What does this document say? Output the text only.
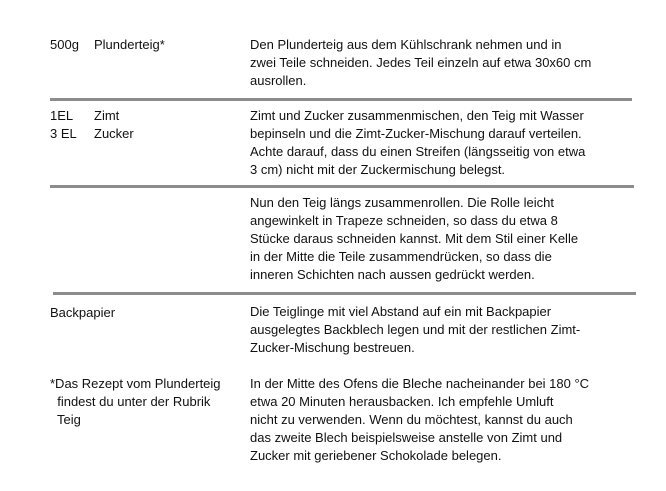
500g Plunderteig*	Den Plunderteig aus dem Kühlschrank nehmen und in
zwei Teile schneiden. Jedes Teil einzeln auf etwa 30x60 cm
ausrollen.

1EL Zimt
3 EL Zucker

Zimt und Zucker zusammenmischen, den Teig mit Wasser
bepinseln und die Zimt-Zucker-Mischung darauf verteilen.
Achte darauf, dass du einen Streifen (längsseitig von etwa
3 cm) nicht mit der Zuckermischung belegst.

Nun den Teig längs zusammenrollen. Die Rolle leicht
angewinkelt in Trapeze schneiden, so dass du etwa 8
Stücke daraus schneiden kannst. Mit dem Stil einer Kelle
in der Mitte die Teile zusammendrücken, so dass die
inneren Schichten nach aussen gedrückt werden.

Backpapier	Die Teiglinge mit viel Abstand auf ein mit Backpapier
ausgelegtes Backblech legen und mit der restlichen Zimt-
Zucker-Mischung bestreuen.

*Das Rezept vom Plunderteig
findest du unter der Rubrik
Teig

In der Mitte des Ofens die Bleche nacheinander bei 180 °C
etwa 20 Minuten herausbacken. Ich empfehle Umluft
nicht zu verwenden. Wenn du möchtest, kannst du auch
das zweite Blech beispielsweise anstelle von Zimt und
Zucker mit geriebener Schokolade belegen.
